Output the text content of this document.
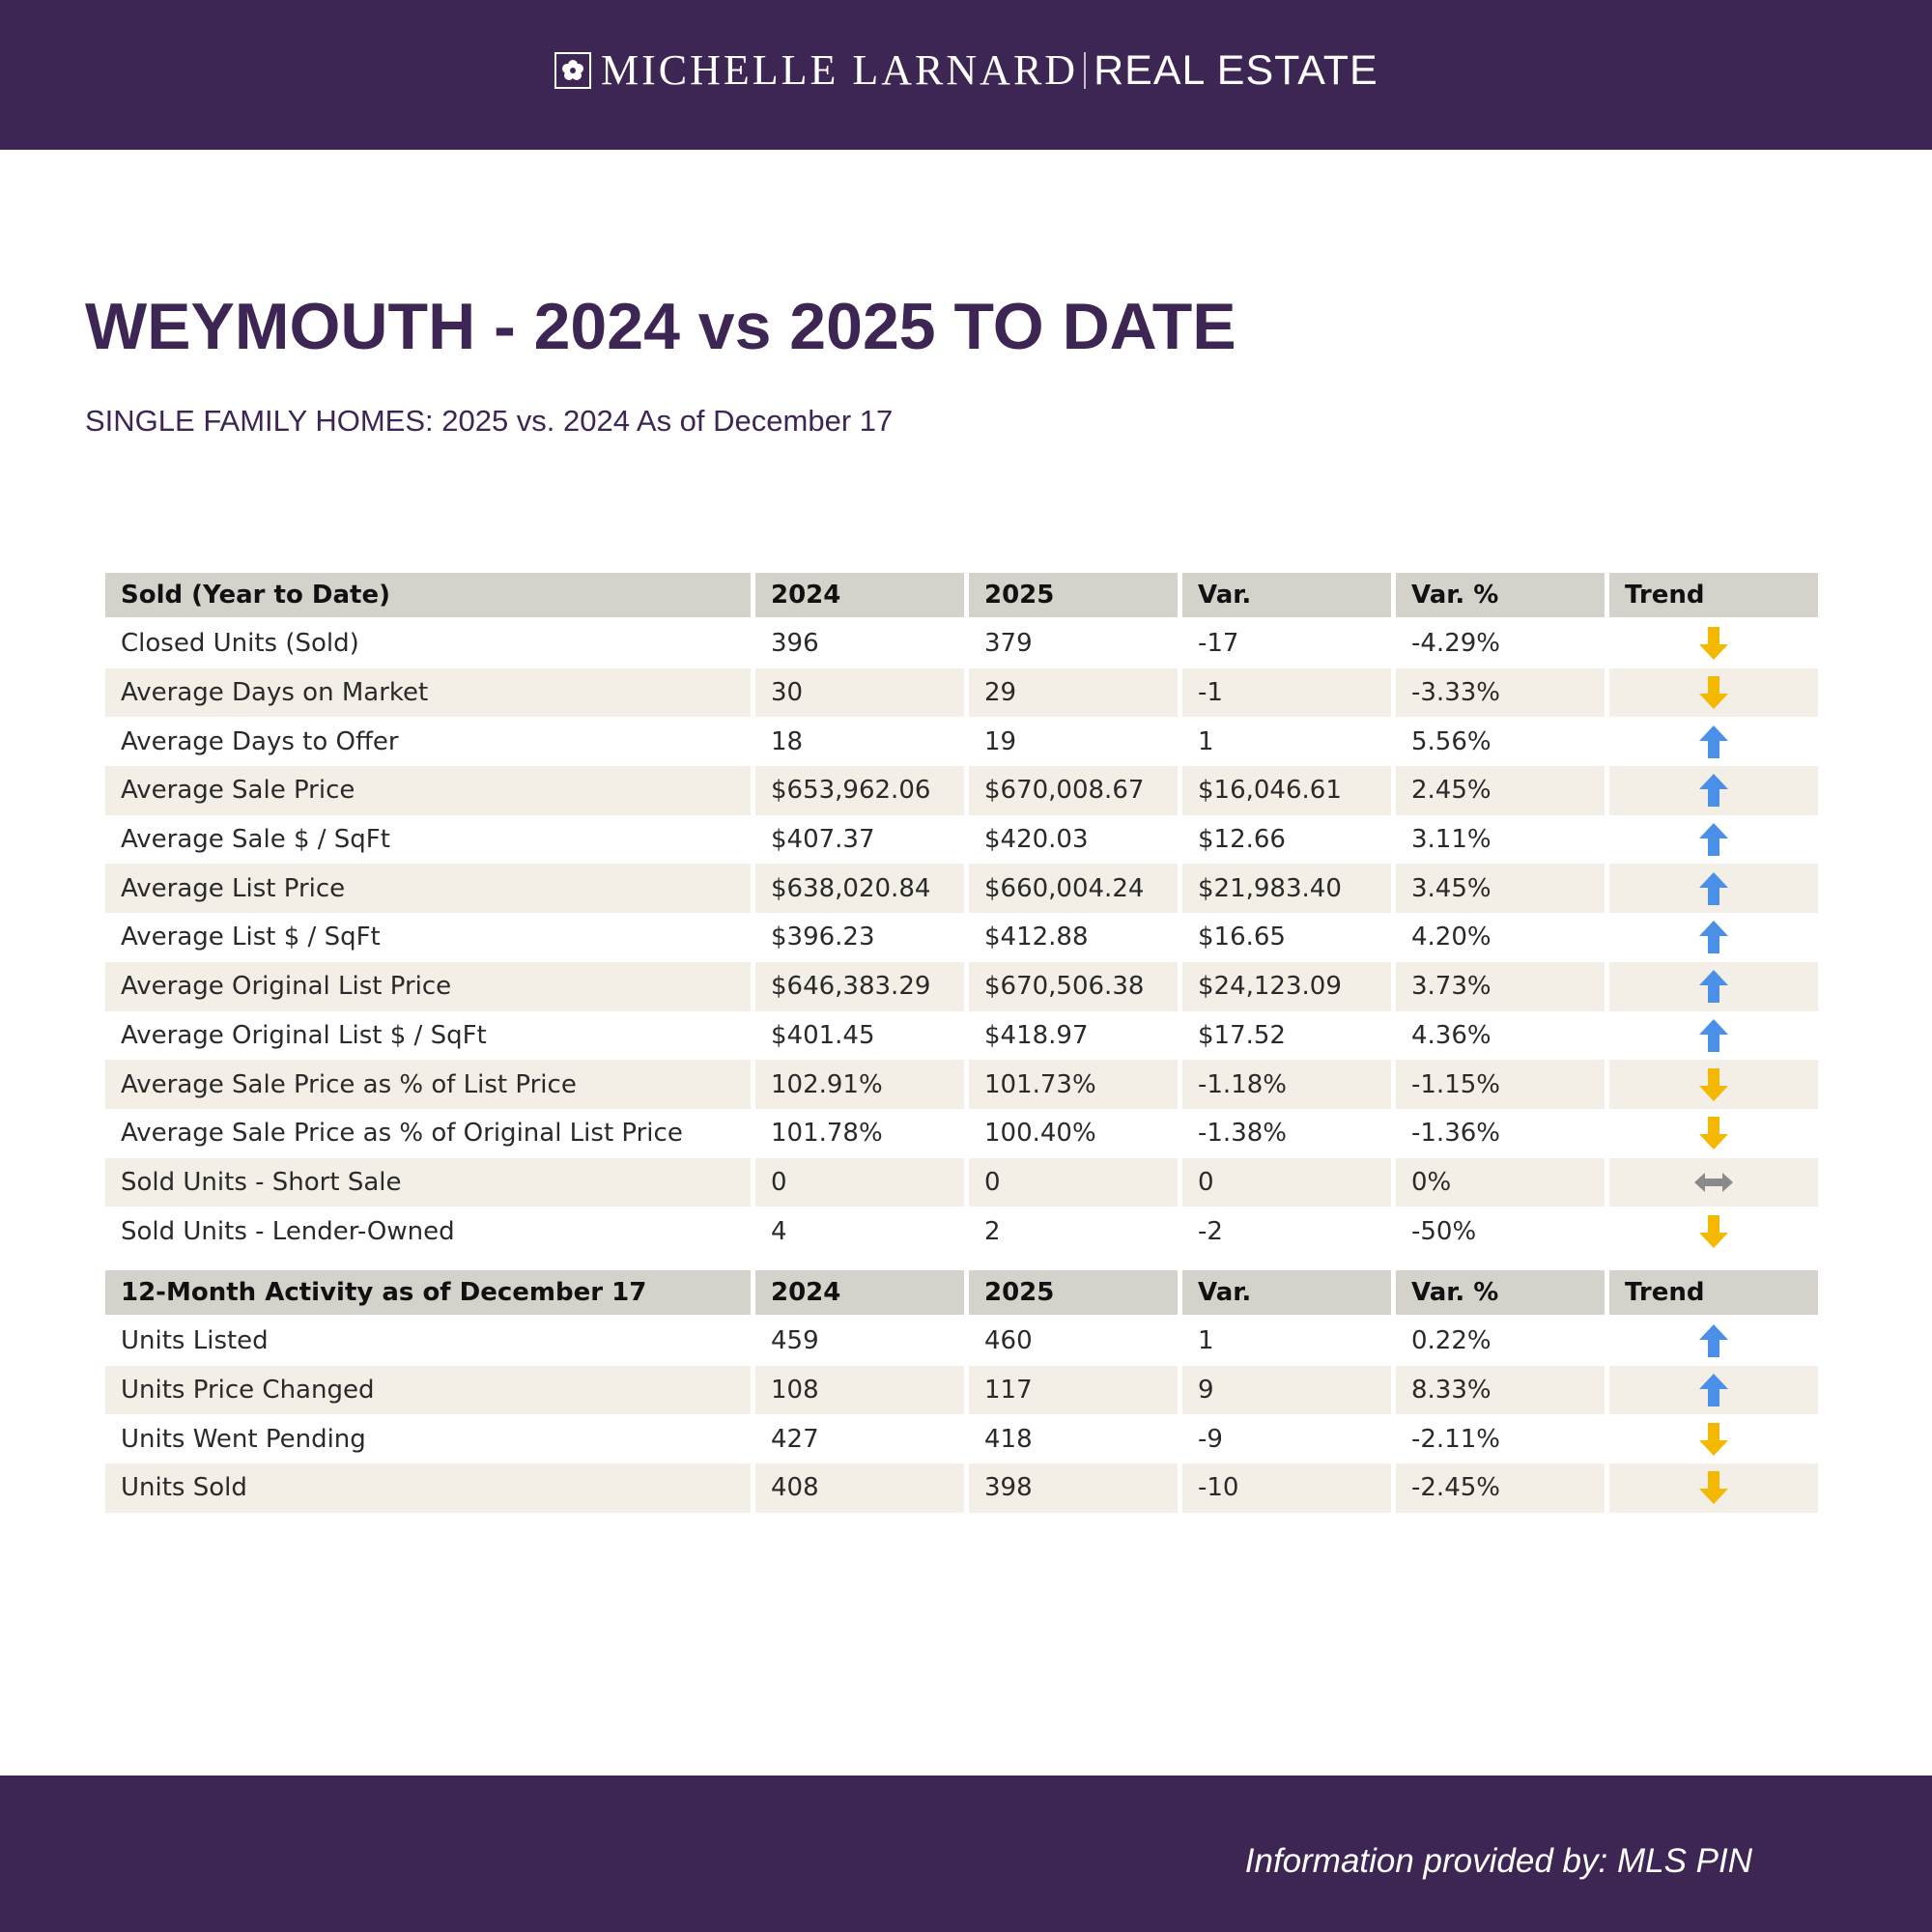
MICHELLE LARNARD REAL ESTATE
WEYMOUTH - 2024 vs 2025 TO DATE
SINGLE FAMILY HOMES: 2025 vs. 2024 As of December 17
Sold (Year to Date)	2024	2025	Var.	Var. %	Trend
Closed Units (Sold)	396	379	-17	-4.29%
Average Days on Market	30	29	-1	-3.33%
Average Days to Offer	18	19	1	5.56%
Average Sale Price	$653,962.06	$670,008.67	$16,046.61	2.45%
Average Sale $ / SqFt	$407.37	$420.03	$12.66	3.11%
Average List Price	$638,020.84	$660,004.24	$21,983.40	3.45%
Average List $ / SqFt	$396.23	$412.88	$16.65	4.20%
Average Original List Price	$646,383.29	$670,506.38	$24,123.09	3.73%
Average Original List $ / SqFt	$401.45	$418.97	$17.52	4.36%
Average Sale Price as % of List Price	102.91%	101.73%	-1.18%	-1.15%
Average Sale Price as % of Original List Price	101.78%	100.40%	-1.38%	-1.36%
Sold Units - Short Sale	0	0	0	0%
Sold Units - Lender-Owned	4	2	-2	-50%
12-Month Activity as of December 17	2024	2025	Var.	Var. %	Trend
Units Listed	459	460	1	0.22%
Units Price Changed	108	117	9	8.33%
Units Went Pending	427	418	-9	-2.11%
Units Sold	408	398	-10	-2.45%
Information provided by: MLS PIN
